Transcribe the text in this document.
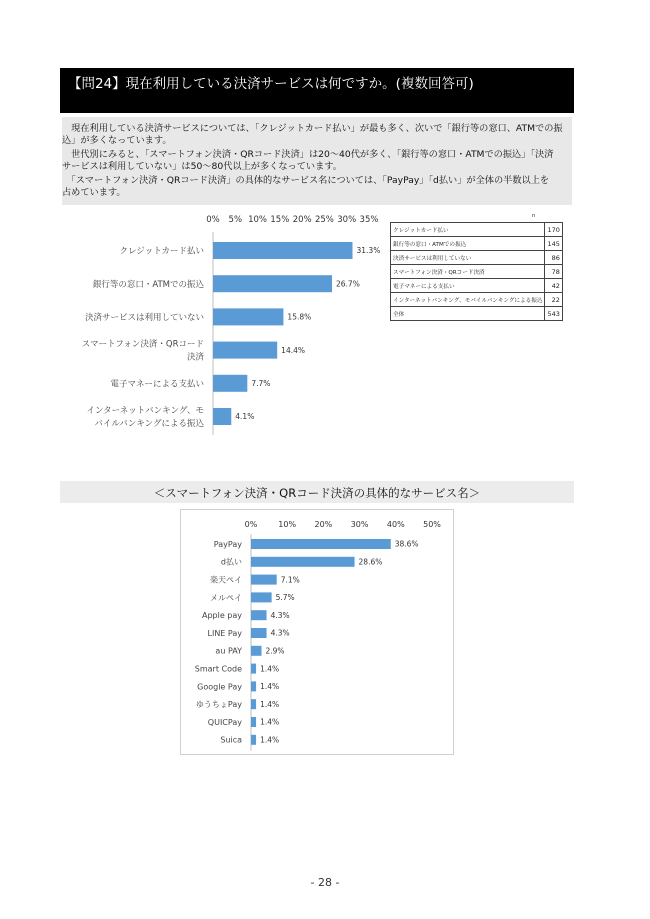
【問24】現在利用している決済サービスは何ですか。(複数回答可)
　現在利用している決済サービスについては、「クレジットカード払い」が最も多く、次いで「銀行等の窓口、ATMでの振
込」が多くなっています。
　世代別にみると、「スマートフォン決済・QRコード決済」は20～40代が多く、「銀行等の窓口・ATMでの振込」「決済
サービスは利用していない」は50～80代以上が多くなっています。
　「スマートフォン決済・QRコード決済」の具体的なサービス名については、「PayPay」「d払い」が全体の半数以上を
占めています。
0% 5% 10% 15% 20% 25% 30% 35%
31.3%
クレジットカード払い
26.7%
銀行等の窓口・ATMでの振込
15.8%
決済サービスは利用していない
14.4%
スマートフォン決済・QRコード
決済
7.7%
電子マネーによる支払い
4.1%
インターネットバンキング、モ
バイルバンキングによる振込
n
クレジットカード払い	170
銀行等の窓口・ATMでの振込	145
決済サービスは利用していない	86
スマートフォン決済・QRコード決済	78
電子マネーによる支払い	42
インターネットバンキング、モバイルバンキングによる振込	22
全体	543
＜スマートフォン決済・QRコード決済の具体的なサービス名＞
0%	10% 20% 30% 40% 50%
38.6%
PayPay
28.6%
d払い
7.1%
楽天ペイ
5.7%
メルペイ
4.3%
Apple pay
4.3%
LINE Pay
2.9%
au PAY
1.4%
Smart Code
1.4%
Google Pay
1.4%
ゆうちょPay
1.4%
QUICPay
1.4%
Suica
- 28 -
